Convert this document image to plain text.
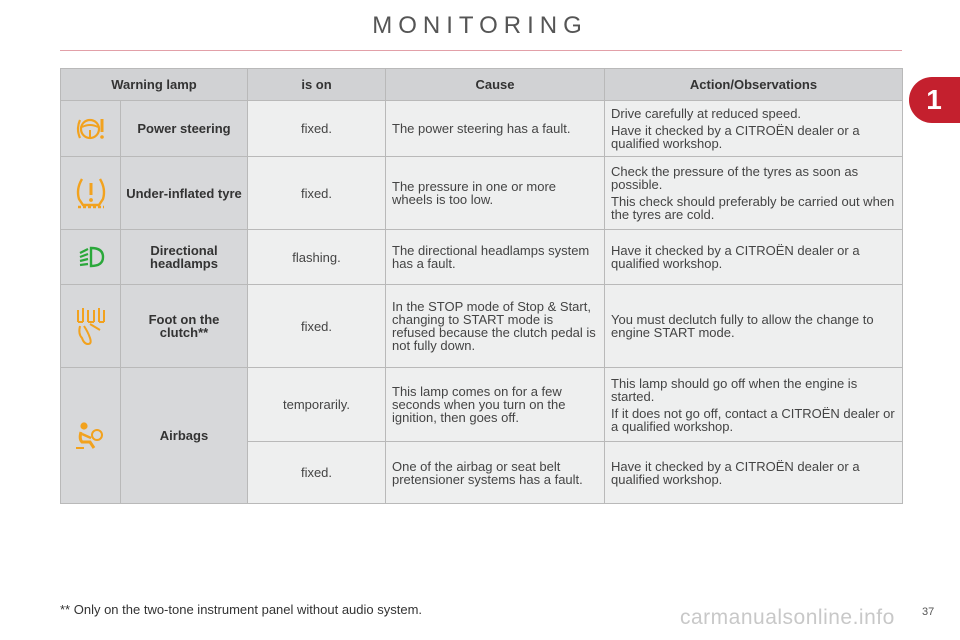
MONITORING
1
Warning lamp		is on	Cause	Action/Observations

	Power steering	fixed.	The power steering has a fault.	Drive carefully at reduced speed.

Have it checked by a CITROËN dealer or a qualified workshop.

	Under-inflated tyre	fixed.	The pressure in one or more wheels is too low.	Check the pressure of the tyres as soon as possible.

This check should preferably be carried out when the tyres are cold.

	Directional headlamps	flashing.	The directional headlamps system has a fault.	Have it checked by a CITROËN dealer or a qualified workshop.

	Foot on the clutch**	fixed.	In the STOP mode of Stop & Start, changing to START mode is refused because the clutch pedal is not fully down.	You must declutch fully to allow the change to engine START mode.

	Airbags	temporarily.	This lamp comes on for a few seconds when you turn on the ignition, then goes off.	This lamp should go off when the engine is started.

If it does not go off, contact a CITROËN dealer or a qualified workshop.

		fixed.	One of the airbag or seat belt pretensioner systems has a fault.	Have it checked by a CITROËN dealer or a qualified workshop.

** Only on the two-tone instrument panel without audio system.	carmanualsonline.info 37
